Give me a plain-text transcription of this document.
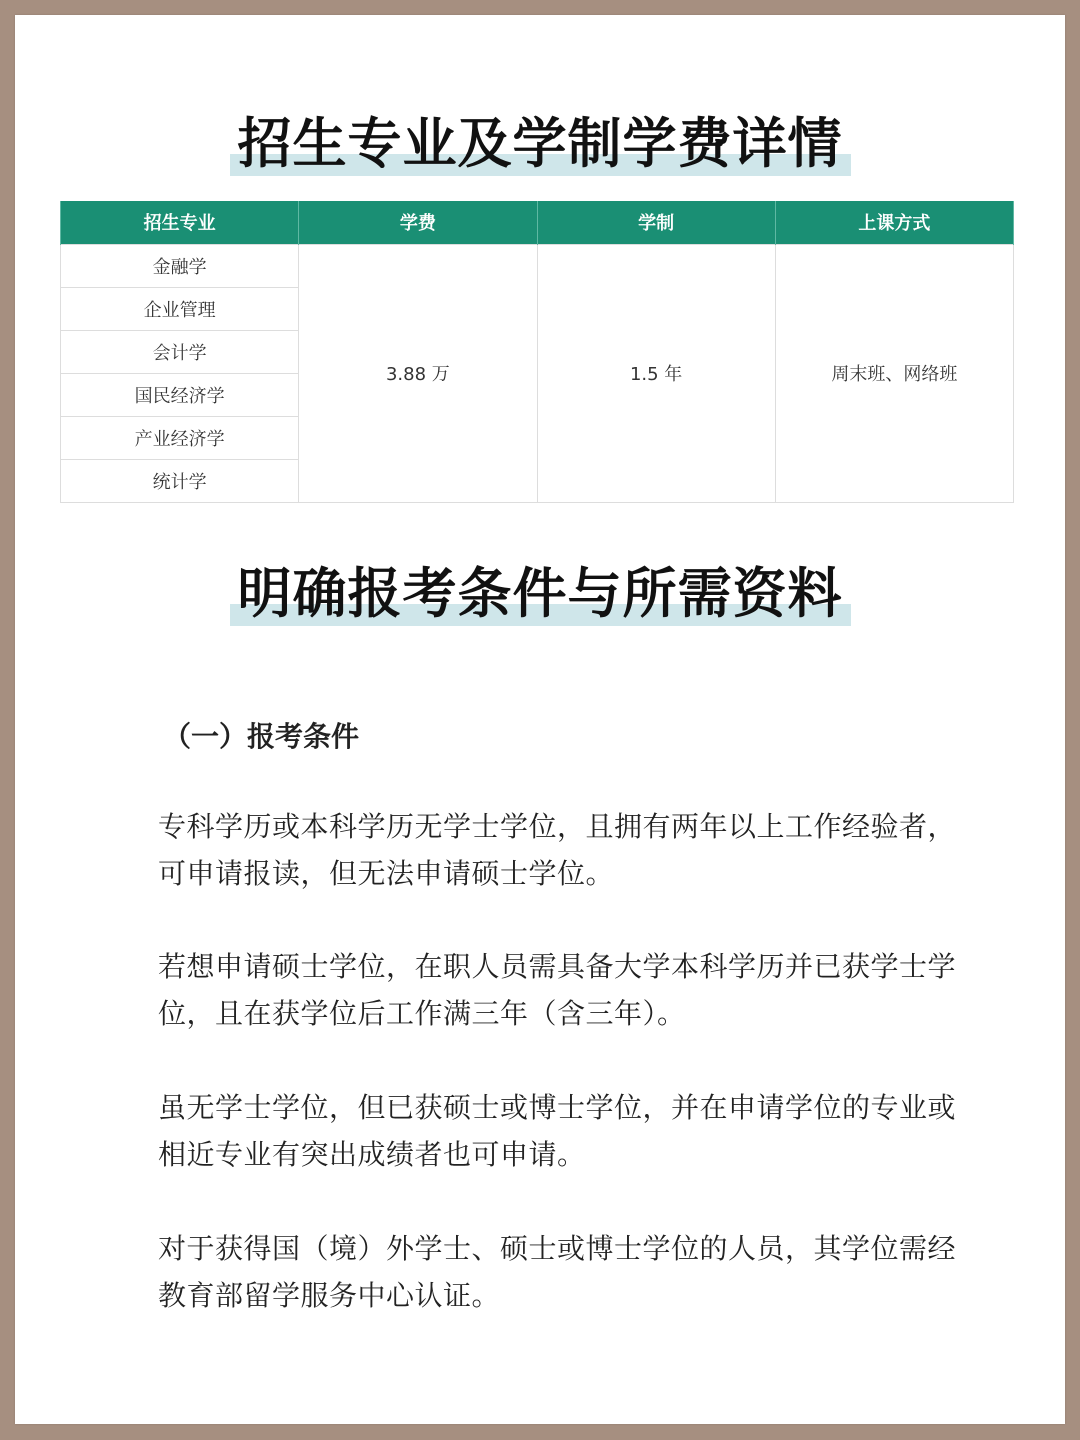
招生专业及学制学费详情
招生专业	学费	学制	上课方式
金融学	3.88 万	1.5 年	周末班、网络班
企业管理			
会计学			
国民经济学			
产业经济学			
统计学			
明确报考条件与所需资料
（一）报考条件

专科学历或本科学历无学士学位，且拥有两年以上工作经验者，可申请报读，但无法申请硕士学位。

若想申请硕士学位，在职人员需具备大学本科学历并已获学士学位，且在获学位后工作满三年（含三年）。

虽无学士学位，但已获硕士或博士学位，并在申请学位的专业或相近专业有突出成绩者也可申请。

对于获得国（境）外学士、硕士或博士学位的人员，其学位需经教育部留学服务中心认证。
